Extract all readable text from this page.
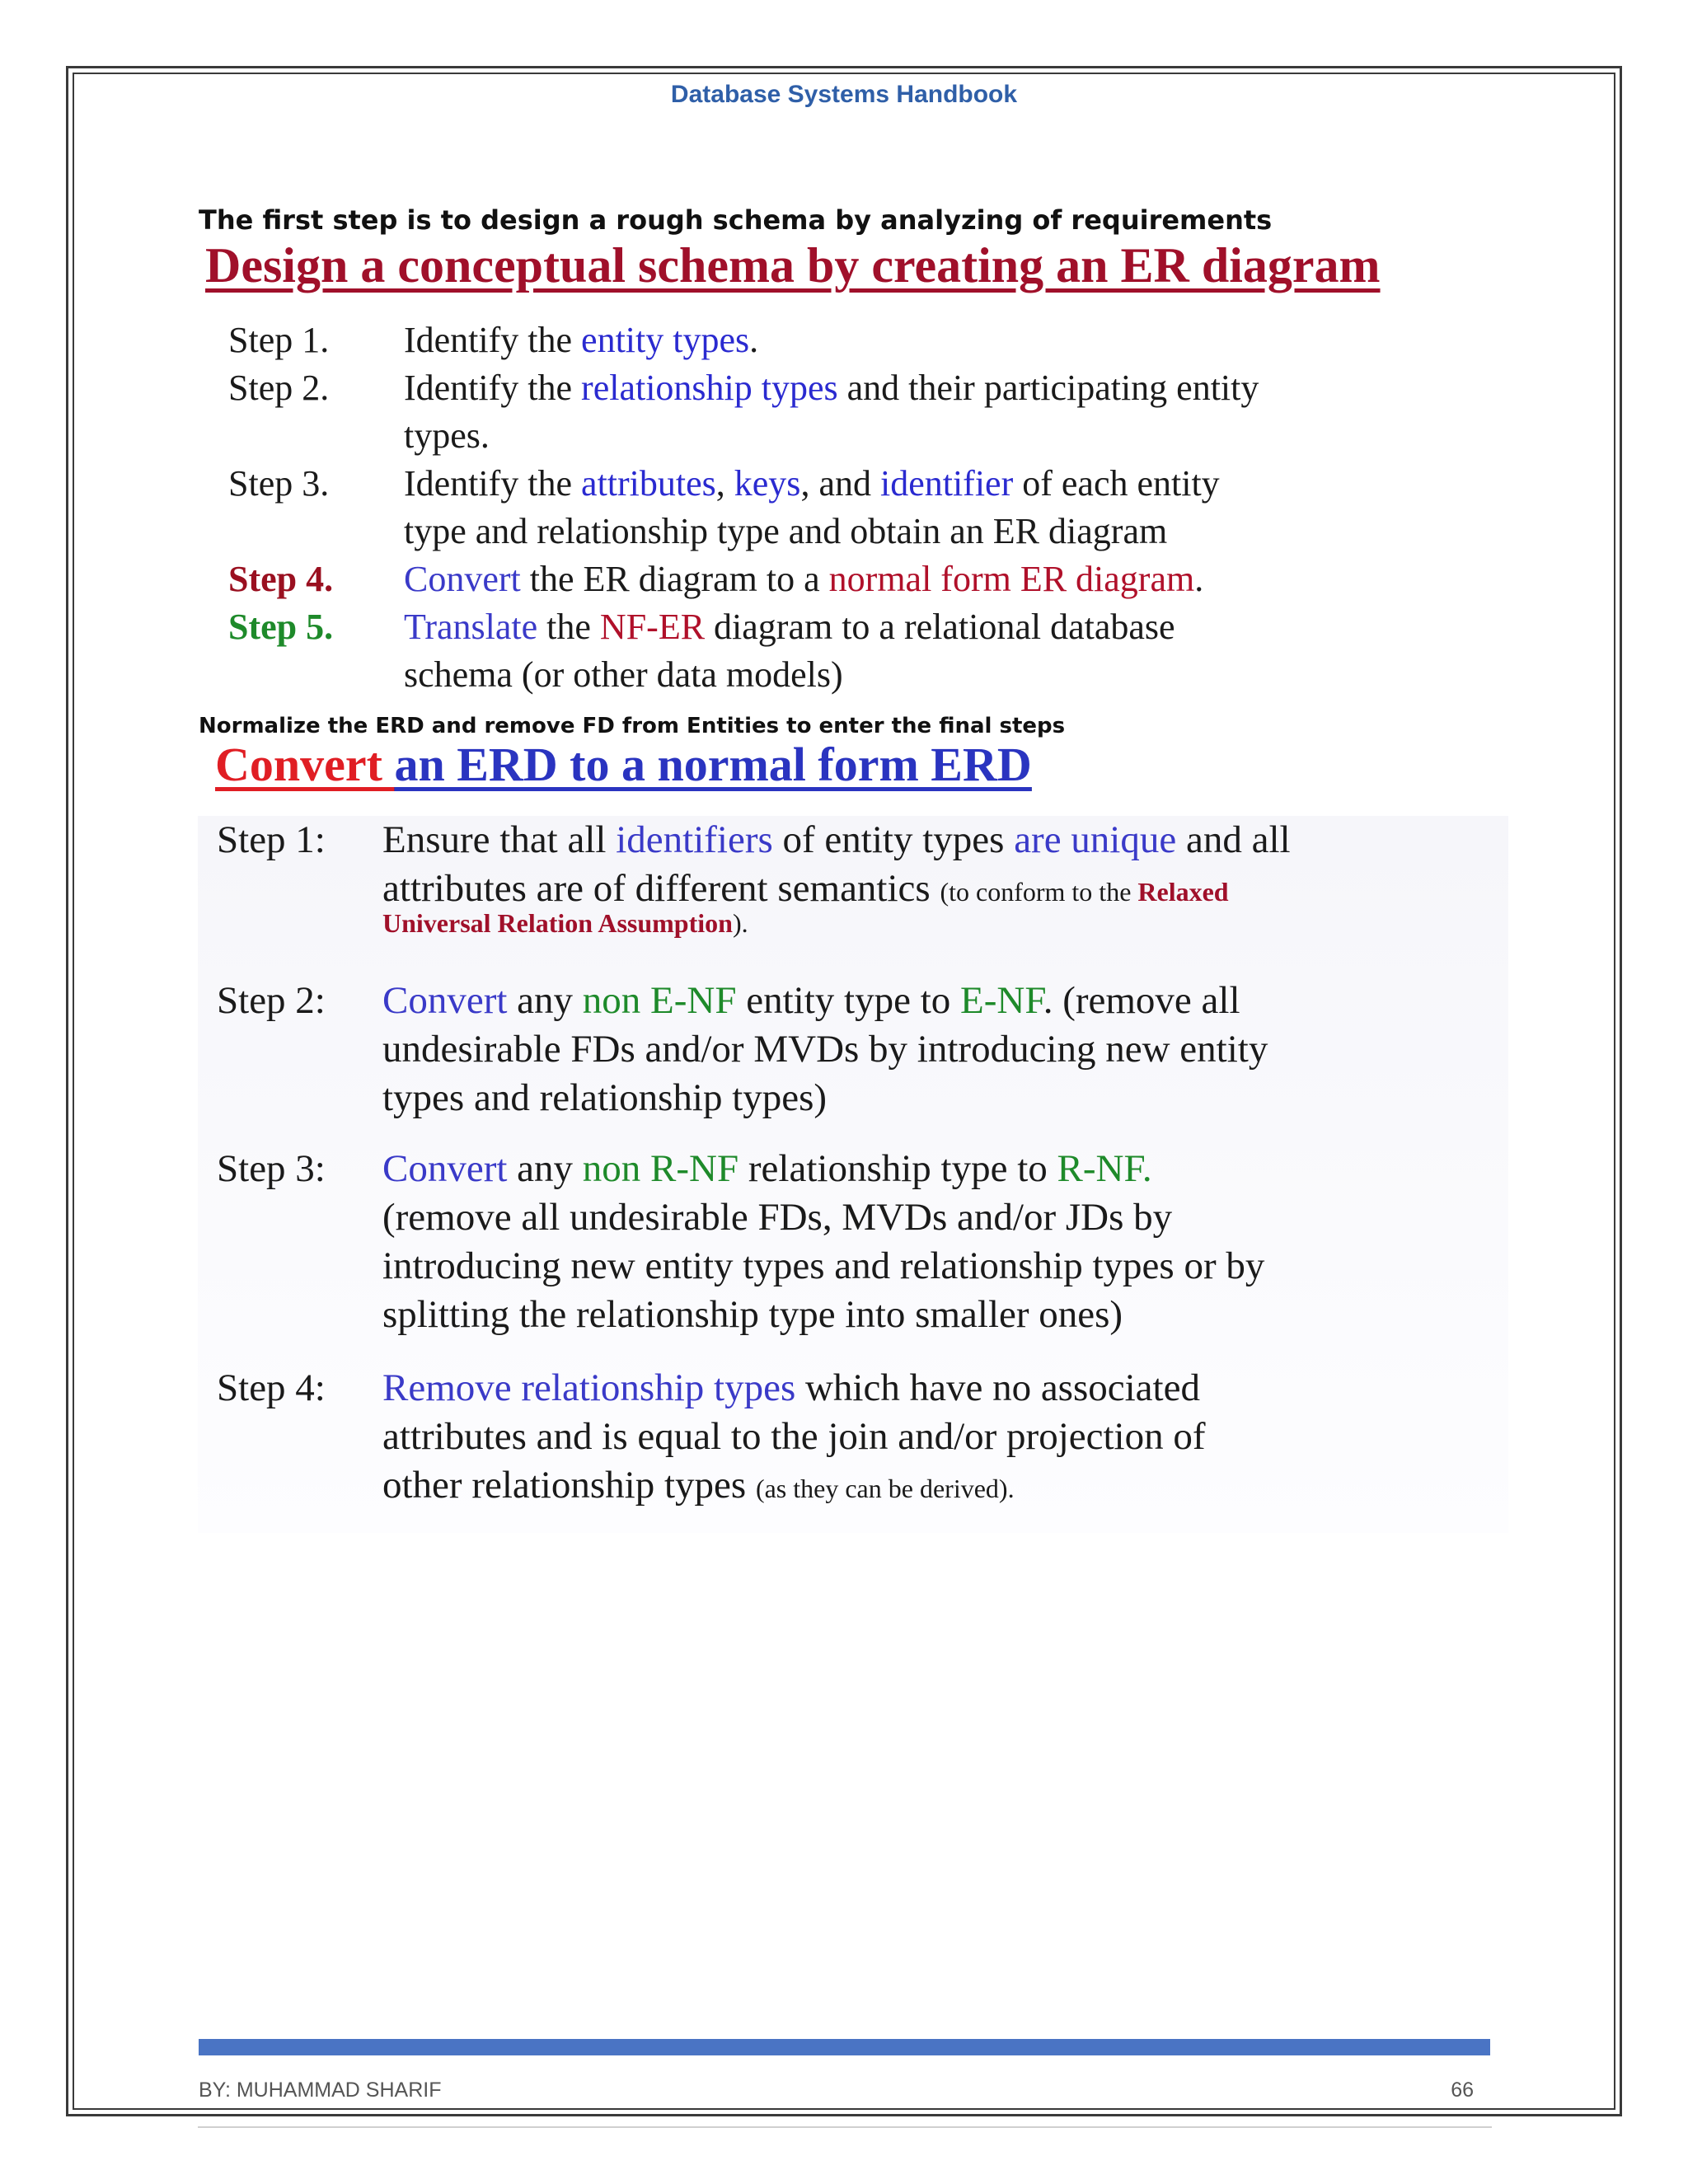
Database Systems Handbook
The first step is to design a rough schema by analyzing of requirements
Design a conceptual schema by creating an ER diagram
Step 1. Identify the entity types.
Step 2. Identify the relationship types and their participating entity
types.
Step 3. Identify the attributes, keys, and identifier of each entity
type and relationship type and obtain an ER diagram
Step 4. Convert the ER diagram to a normal form ER diagram.
Step 5. Translate the NF-ER diagram to a relational database
schema (or other data models)
Normalize the ERD and remove FD from Entities to enter the final steps
Convert an ERD to a normal form ERD
Step 1: Ensure that all identifiers of entity types are unique and all
attributes are of different semantics (to conform to the Relaxed
Universal Relation Assumption).
Step 2: Convert any non E-NF entity type to E-NF. (remove all
undesirable FDs and/or MVDs by introducing new entity
types and relationship types)
Step 3: Convert any non R-NF relationship type to R-NF.
(remove all undesirable FDs, MVDs and/or JDs by
introducing new entity types and relationship types or by
splitting the relationship type into smaller ones)
Step 4: Remove relationship types which have no associated
attributes and is equal to the join and/or projection of
other relationship types (as they can be derived).
BY: MUHAMMAD SHARIF	66
